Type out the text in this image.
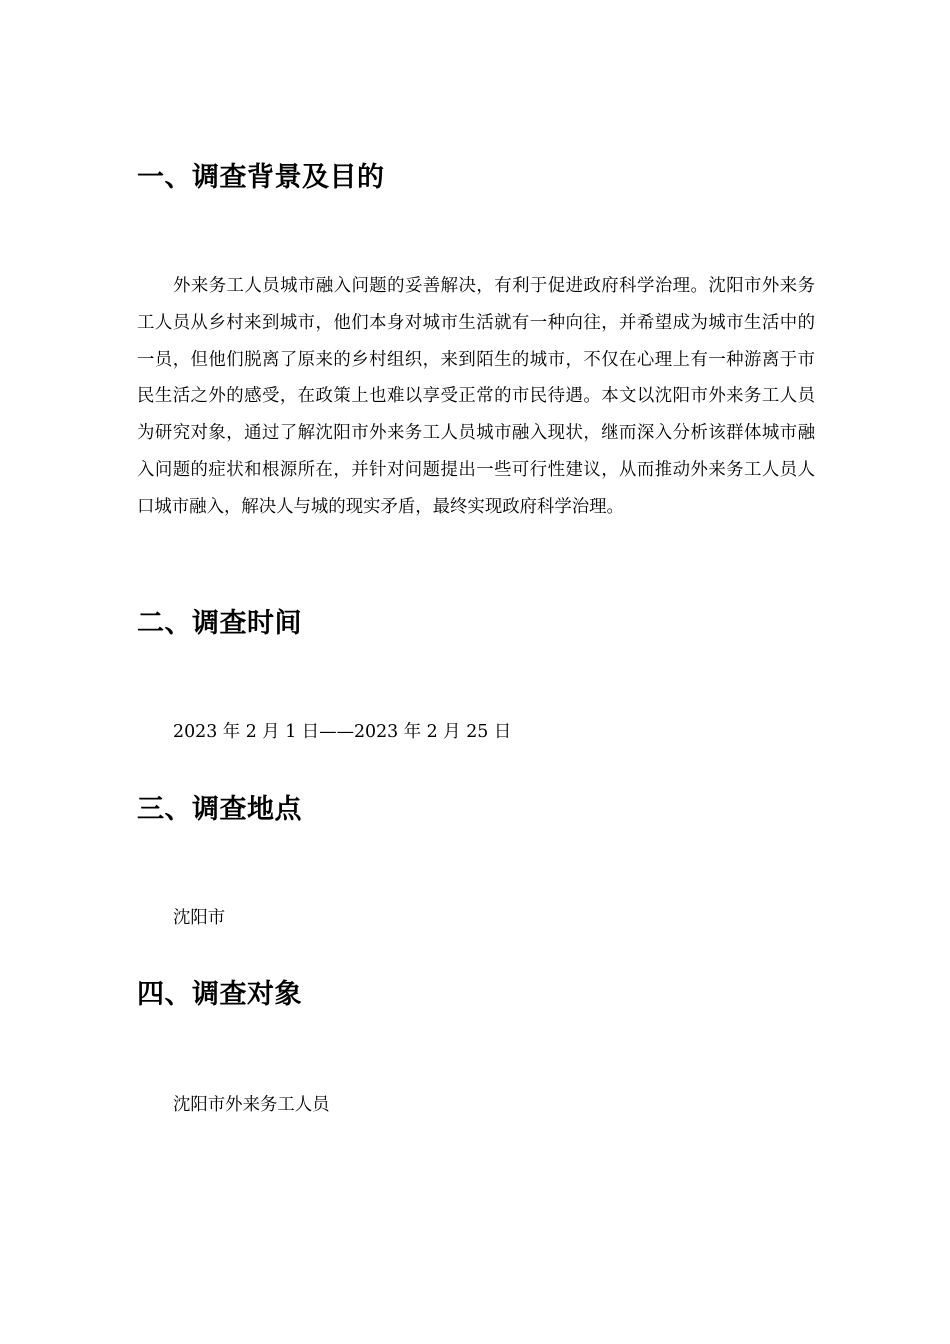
一、调查背景及目的

外来务工人员城市融入问题的妥善解决，有利于促进政府科学治理。沈阳市外来务工人员从乡村来到城市，他们本身对城市生活就有一种向往，并希望成为城市生活中的一员，但他们脱离了原来的乡村组织，来到陌生的城市，不仅在心理上有一种游离于市民生活之外的感受，在政策上也难以享受正常的市民待遇。本文以沈阳市外来务工人员为研究对象，通过了解沈阳市外来务工人员城市融入现状，继而深入分析该群体城市融入问题的症状和根源所在，并针对问题提出一些可行性建议，从而推动外来务工人员人口城市融入，解决人与城的现实矛盾，最终实现政府科学治理。

二、调查时间

2023 年 2 月 1 日——2023 年 2 月 25 日

三、调查地点

沈阳市

四、调查对象

沈阳市外来务工人员
